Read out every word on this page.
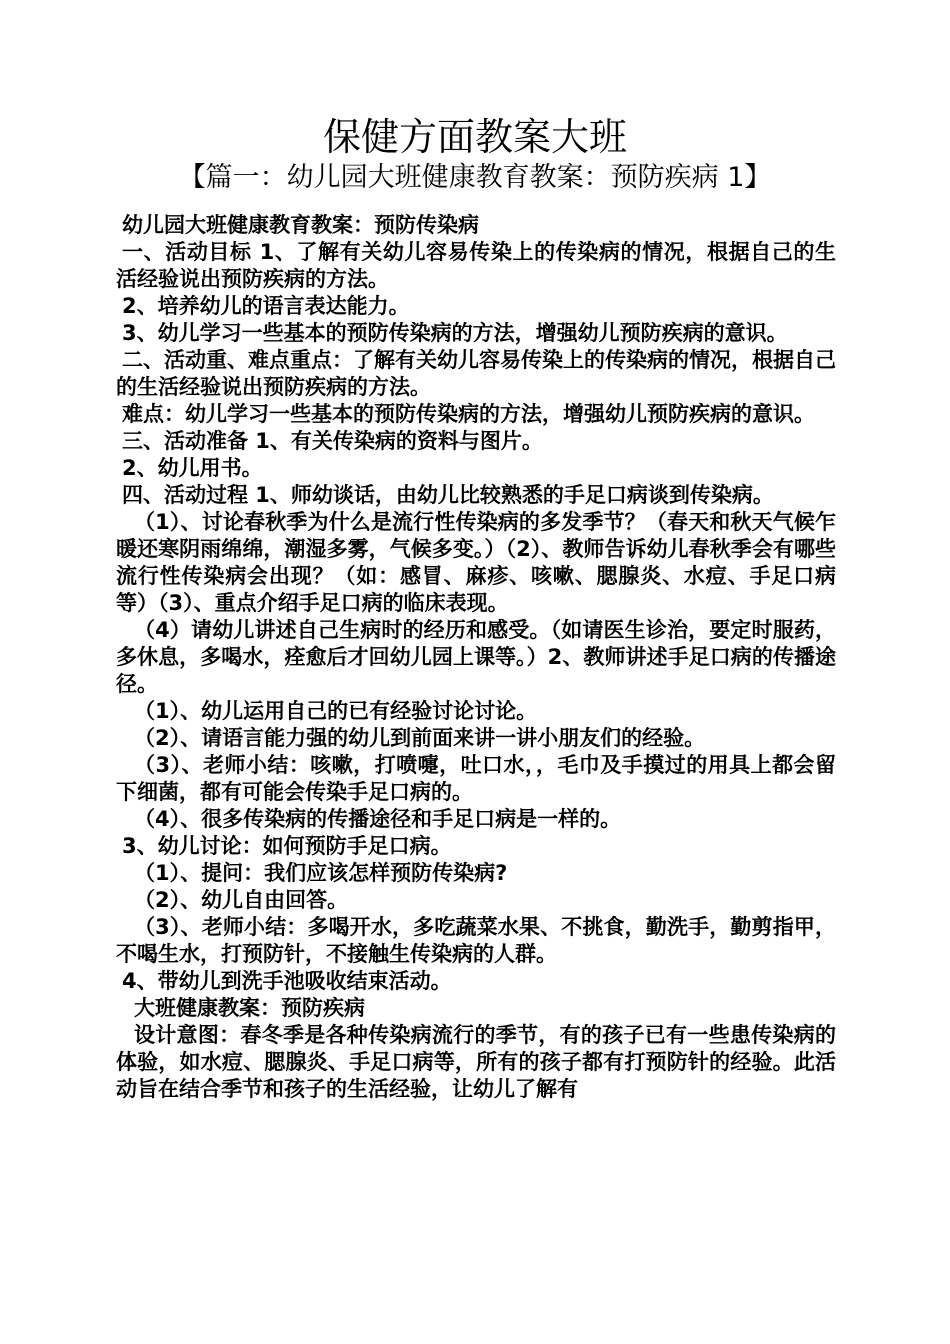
保健方面教案大班
【篇一：幼儿园大班健康教育教案：预防疾病 1】

幼儿园大班健康教育教案：预防传染病

一、活动目标 1、了解有关幼儿容易传染上的传染病的情况，根据自己的生活经验说出预防疾病的方法。

2、培养幼儿的语言表达能力。

3、幼儿学习一些基本的预防传染病的方法，增强幼儿预防疾病的意识。

二、活动重、难点重点：了解有关幼儿容易传染上的传染病的情况，根据自己的生活经验说出预防疾病的方法。

难点：幼儿学习一些基本的预防传染病的方法，增强幼儿预防疾病的意识。

三、活动准备 1、有关传染病的资料与图片。

2、幼儿用书。

四、活动过程 1、师幼谈话，由幼儿比较熟悉的手足口病谈到传染病。

（1）、讨论春秋季为什么是流行性传染病的多发季节？（春天和秋天气候乍暖还寒阴雨绵绵，潮湿多雾，气候多变。）（2）、教师告诉幼儿春秋季会有哪些流行性传染病会出现？（如：感冒、麻疹、咳嗽、腮腺炎、水痘、手足口病等）（3）、重点介绍手足口病的临床表现。

（4）请幼儿讲述自己生病时的经历和感受。（如请医生诊治，要定时服药，多休息，多喝水，痊愈后才回幼儿园上课等。）2、教师讲述手足口病的传播途径。

（1）、幼儿运用自己的已有经验讨论讨论。

（2）、请语言能力强的幼儿到前面来讲一讲小朋友们的经验。

（3）、老师小结：咳嗽，打喷嚏，吐口水，，毛巾及手摸过的用具上都会留下细菌，都有可能会传染手足口病的。

（4）、很多传染病的传播途径和手足口病是一样的。

3、幼儿讨论：如何预防手足口病。

（1）、提问：我们应该怎样预防传染病?

（2）、幼儿自由回答。

（3）、老师小结：多喝开水，多吃蔬菜水果、不挑食，勤洗手，勤剪指甲，不喝生水，打预防针，不接触生传染病的人群。

4、带幼儿到洗手池吸收结束活动。

大班健康教案：预防疾病

设计意图：春冬季是各种传染病流行的季节，有的孩子已有一些患传染病的体验，如水痘、腮腺炎、手足口病等，所有的孩子都有打预防针的经验。此活动旨在结合季节和孩子的生活经验，让幼儿了解有
